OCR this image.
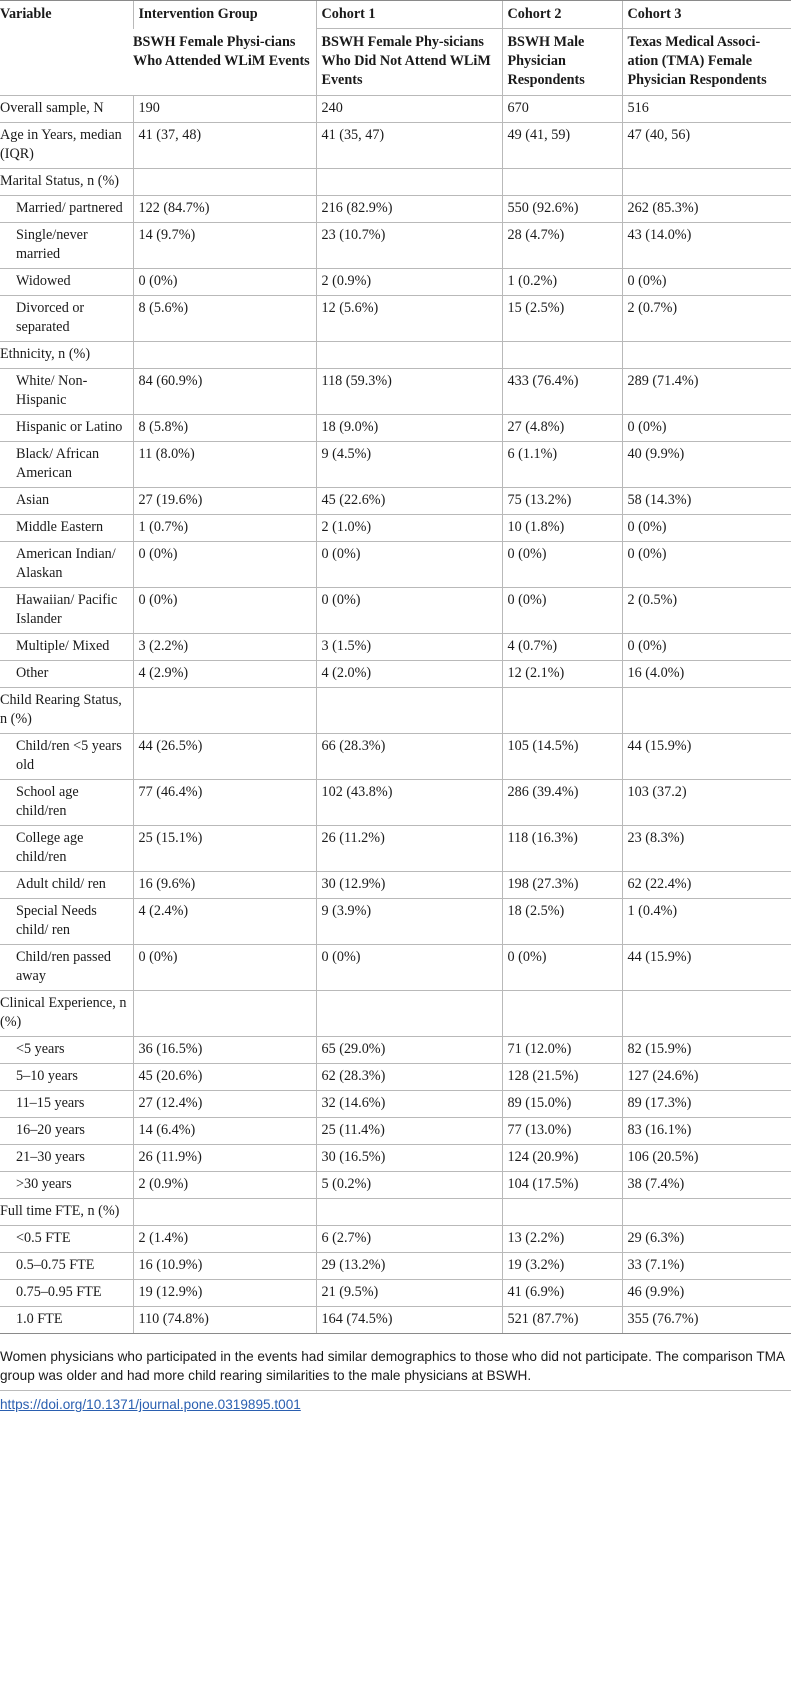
Variable	Intervention Group	Cohort 1	Cohort 2	Cohort 3
	BSWH Female Physi-cians Who Attended WLiM Events	BSWH Female Phy-sicians Who Did Not Attend WLiM Events	BSWH Male Physician Respondents	Texas Medical Associ-ation (TMA) Female Physician Respondents
Overall sample, N	190	240	670	516
Age in Years, median (IQR)	41 (37, 48)	41 (35, 47)	49 (41, 59)	47 (40, 56)
Marital Status, n (%)				
Married/ partnered	122 (84.7%)	216 (82.9%)	550 (92.6%)	262 (85.3%)
Single/never married	14 (9.7%)	23 (10.7%)	28 (4.7%)	43 (14.0%)
Widowed	0 (0%)	2 (0.9%)	1 (0.2%)	0 (0%)
Divorced or separated	8 (5.6%)	12 (5.6%)	15 (2.5%)	2 (0.7%)
Ethnicity, n (%)				
White/ Non-Hispanic	84 (60.9%)	118 (59.3%)	433 (76.4%)	289 (71.4%)
Hispanic or Latino	8 (5.8%)	18 (9.0%)	27 (4.8%)	0 (0%)
Black/ African American	11 (8.0%)	9 (4.5%)	6 (1.1%)	40 (9.9%)
Asian	27 (19.6%)	45 (22.6%)	75 (13.2%)	58 (14.3%)
Middle Eastern	1 (0.7%)	2 (1.0%)	10 (1.8%)	0 (0%)
American Indian/ Alaskan	0 (0%)	0 (0%)	0 (0%)	0 (0%)
Hawaiian/ Pacific Islander	0 (0%)	0 (0%)	0 (0%)	2 (0.5%)
Multiple/ Mixed	3 (2.2%)	3 (1.5%)	4 (0.7%)	0 (0%)
Other	4 (2.9%)	4 (2.0%)	12 (2.1%)	16 (4.0%)
Child Rearing Status, n (%)				
Child/ren <5 years old	44 (26.5%)	66 (28.3%)	105 (14.5%)	44 (15.9%)
School age child/ren	77 (46.4%)	102 (43.8%)	286 (39.4%)	103 (37.2)
College age child/ren	25 (15.1%)	26 (11.2%)	118 (16.3%)	23 (8.3%)
Adult child/ ren	16 (9.6%)	30 (12.9%)	198 (27.3%)	62 (22.4%)
Special Needs child/ ren	4 (2.4%)	9 (3.9%)	18 (2.5%)	1 (0.4%)
Child/ren passed away	0 (0%)	0 (0%)	0 (0%)	44 (15.9%)
Clinical Experience, n (%)				
<5 years	36 (16.5%)	65 (29.0%)	71 (12.0%)	82 (15.9%)
5–10 years	45 (20.6%)	62 (28.3%)	128 (21.5%)	127 (24.6%)
11–15 years	27 (12.4%)	32 (14.6%)	89 (15.0%)	89 (17.3%)
16–20 years	14 (6.4%)	25 (11.4%)	77 (13.0%)	83 (16.1%)
21–30 years	26 (11.9%)	30 (16.5%)	124 (20.9%)	106 (20.5%)
>30 years	2 (0.9%)	5 (0.2%)	104 (17.5%)	38 (7.4%)
Full time FTE, n (%)				
<0.5 FTE	2 (1.4%)	6 (2.7%)	13 (2.2%)	29 (6.3%)
0.5–0.75 FTE	16 (10.9%)	29 (13.2%)	19 (3.2%)	33 (7.1%)
0.75–0.95 FTE	19 (12.9%)	21 (9.5%)	41 (6.9%)	46 (9.9%)
1.0 FTE	110 (74.8%)	164 (74.5%)	521 (87.7%)	355 (76.7%)
Women physicians who participated in the events had similar demographics to those who did not participate. The comparison TMA group was older and had more child rearing similarities to the male physicians at BSWH.
https://doi.org/10.1371/journal.pone.0319895.t001
